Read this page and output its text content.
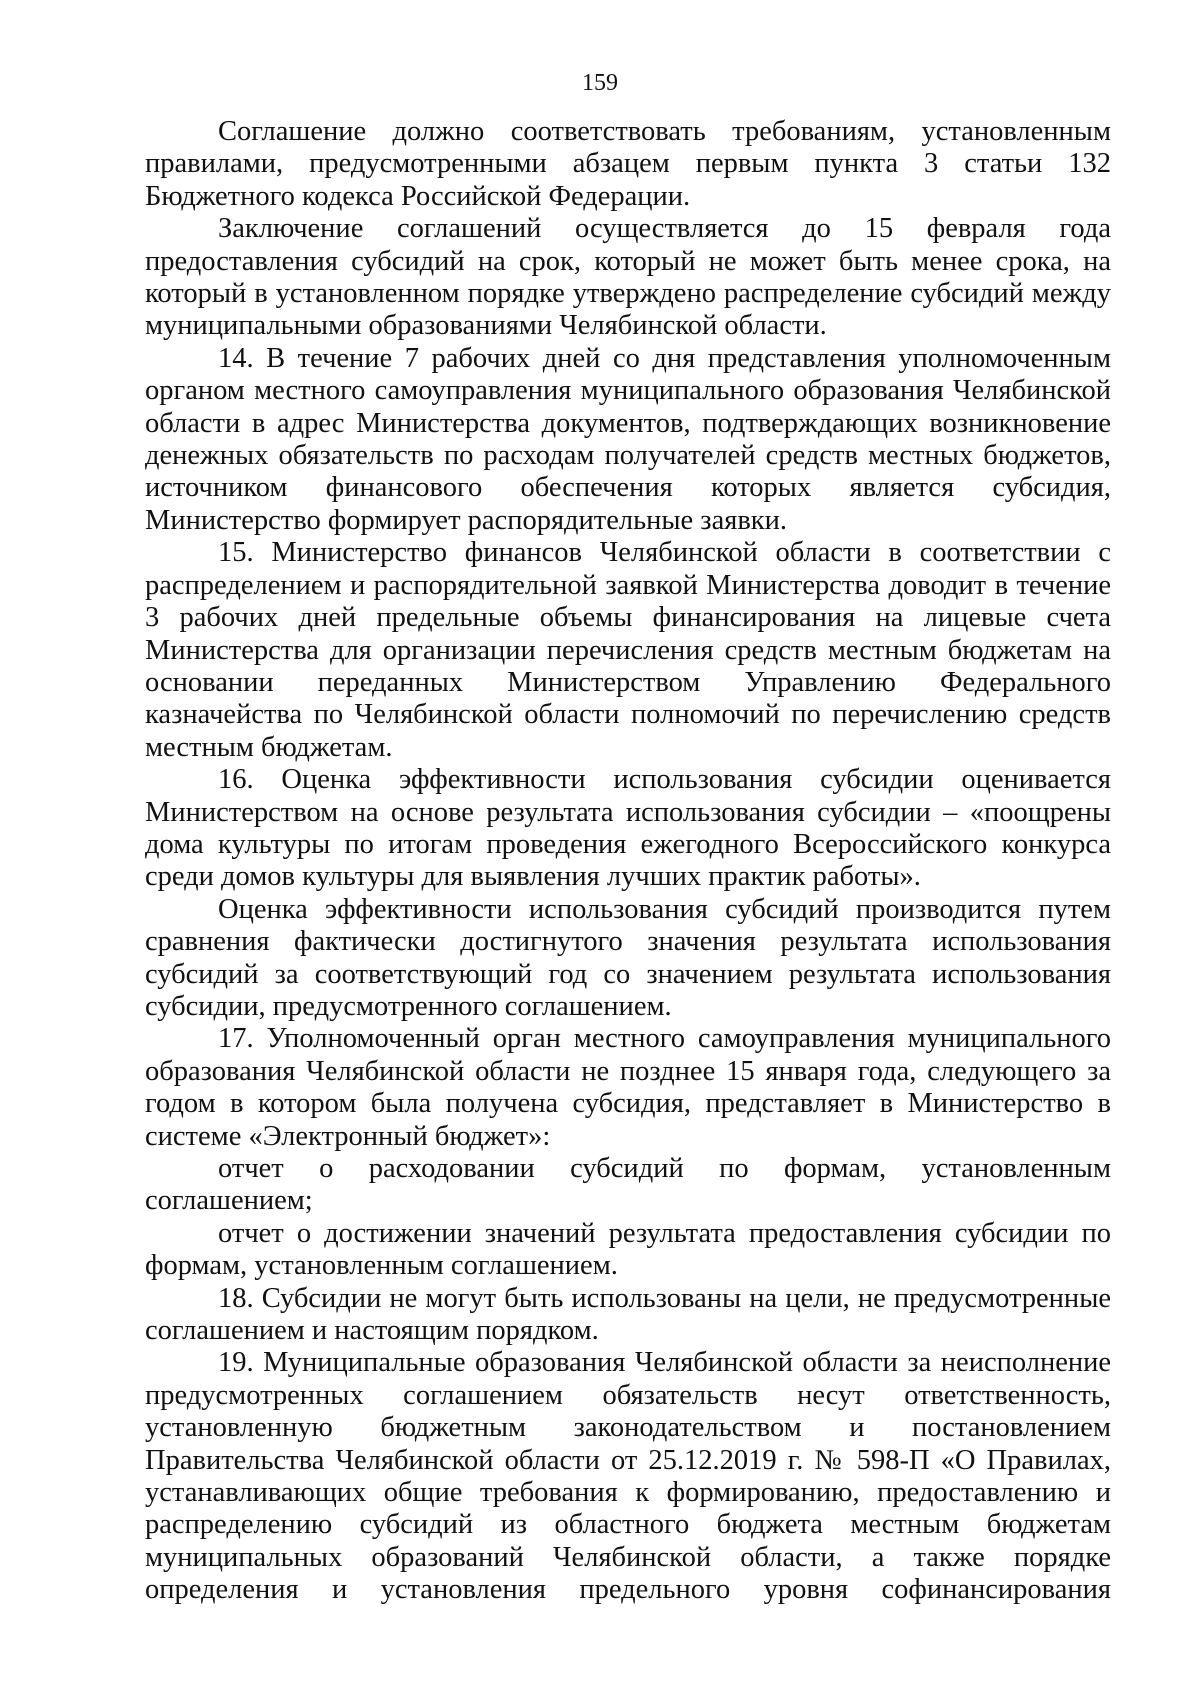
159

Соглашение должно соответствовать требованиям, установленным правилами, предусмотренными абзацем первым пункта 3 статьи 132 Бюджетного кодекса Российской Федерации.

Заключение соглашений осуществляется до 15 февраля года предоставления субсидий на срок, который не может быть менее срока, на который в установленном порядке утверждено распределение субсидий между муниципальными образованиями Челябинской области.

14. В течение 7 рабочих дней со дня представления уполномоченным органом местного самоуправления муниципального образования Челябинской области в адрес Министерства документов, подтверждающих возникновение денежных обязательств по расходам получателей средств местных бюджетов, источником финансового обеспечения которых является субсидия, Министерство формирует распорядительные заявки.

15. Министерство финансов Челябинской области в соответствии с распределением и распорядительной заявкой Министерства доводит в течение 3 рабочих дней предельные объемы финансирования на лицевые счета Министерства для организации перечисления средств местным бюджетам на основании переданных Министерством Управлению Федерального казначейства по Челябинской области полномочий по перечислению средств местным бюджетам.

16. Оценка эффективности использования субсидии оценивается Министерством на основе результата использования субсидии – «поощрены дома культуры по итогам проведения ежегодного Всероссийского конкурса среди домов культуры для выявления лучших практик работы».

Оценка эффективности использования субсидий производится путем сравнения фактически достигнутого значения результата использования субсидий за соответствующий год со значением результата использования субсидии, предусмотренного соглашением.

17. Уполномоченный орган местного самоуправления муниципального образования Челябинской области не позднее 15 января года, следующего за годом в котором была получена субсидия, представляет в Министерство в системе «Электронный бюджет»:

отчет о расходовании субсидий по формам, установленным соглашением;

отчет о достижении значений результата предоставления субсидии по формам, установленным соглашением.

18. Субсидии не могут быть использованы на цели, не предусмотренные соглашением и настоящим порядком.

19. Муниципальные образования Челябинской области за неисполнение предусмотренных соглашением обязательств несут ответственность, установленную бюджетным законодательством и постановлением Правительства Челябинской области от 25.12.2019 г. № 598-П «О Правилах, устанавливающих общие требования к формированию, предоставлению и распределению субсидий из областного бюджета местным бюджетам муниципальных образований Челябинской области, а также порядке определения и установления предельного уровня софинансирования
